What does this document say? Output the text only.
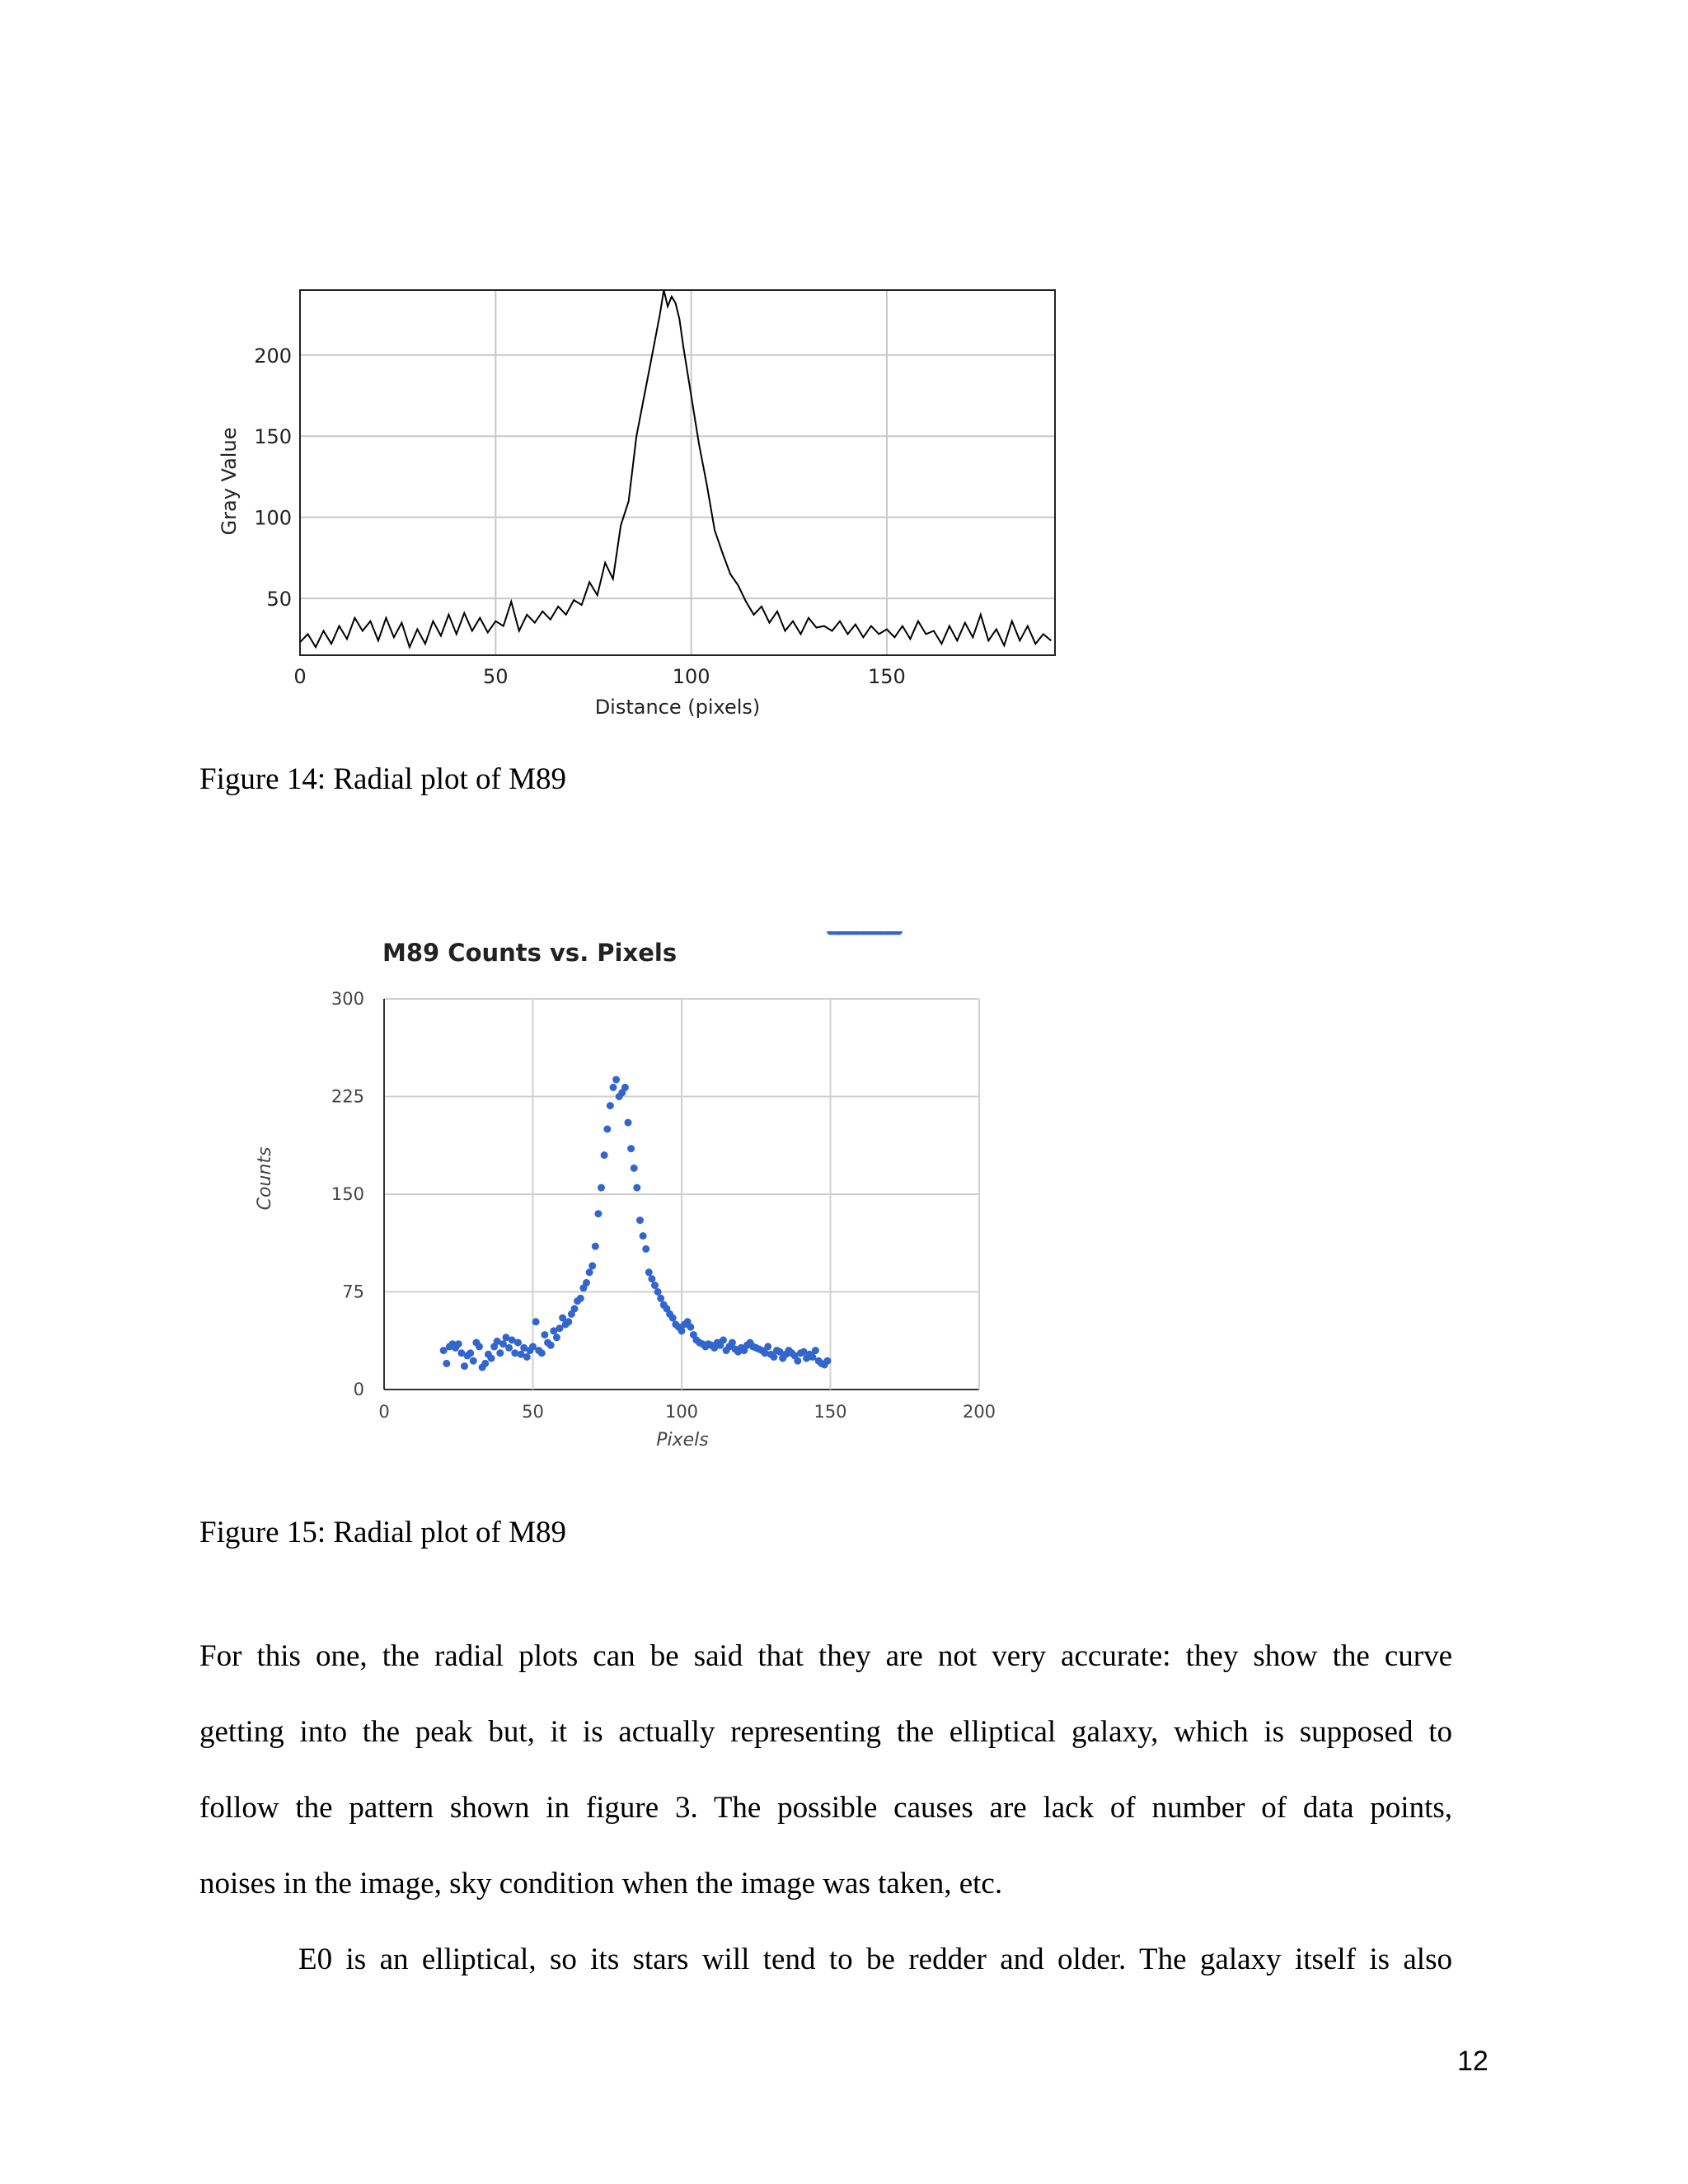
50
100
150
200
0	50	100	150
Distance (pixels)
Gray Value
Figure 14: Radial plot of M89
M89 Counts vs. Pixels
0
75
150
225
300
0	50	100	150	200
Pixels
Counts
Figure 15: Radial plot of M89
For this one, the radial plots can be said that they are not very accurate: they show the curve
getting into the peak but, it is actually representing the elliptical galaxy, which is supposed to
follow the pattern shown in figure 3. The possible causes are lack of number of data points,
noises in the image, sky condition when the image was taken, etc.
E0 is an elliptical, so its stars will tend to be redder and older. The galaxy itself is also
12
